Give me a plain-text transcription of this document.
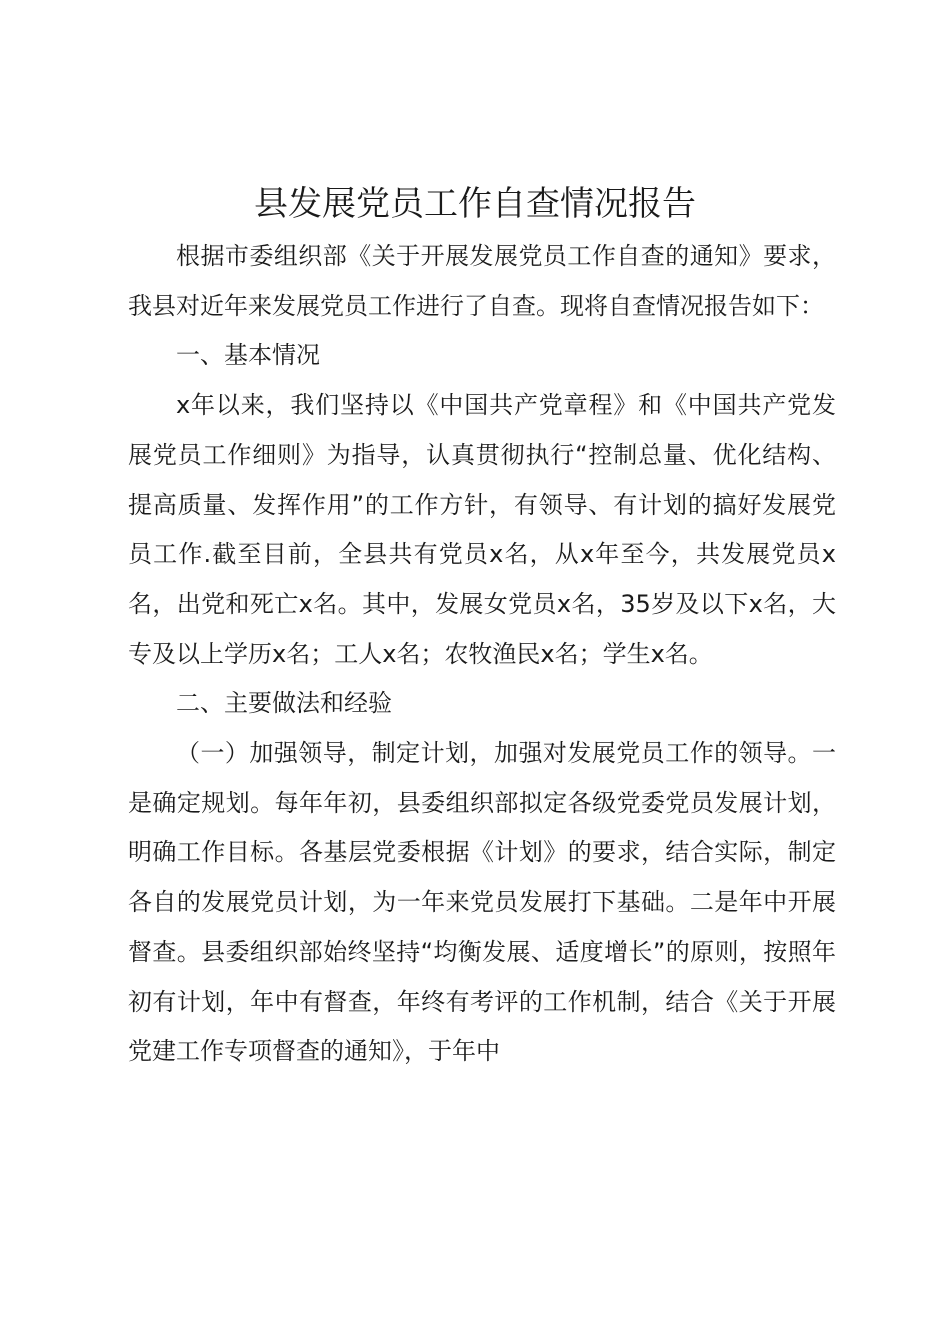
县发展党员工作自查情况报告

根据市委组织部《关于开展发展党员工作自查的通知》要求，我县对近年来发展党员工作进行了自查。现将自查情况报告如下：

一、基本情况

x年以来，我们坚持以《中国共产党章程》和《中国共产党发展党员工作细则》为指导，认真贯彻执行“控制总量、优化结构、提高质量、发挥作用”的工作方针，有领导、有计划的搞好发展党员工作.截至目前，全县共有党员x名，从x年至今，共发展党员x名，出党和死亡x名。其中，发展女党员x名，35岁及以下x名，大专及以上学历x名；工人x名；农牧渔民x名；学生x名。

二、主要做法和经验

（一）加强领导，制定计划，加强对发展党员工作的领导。一是确定规划。每年年初，县委组织部拟定各级党委党员发展计划，明确工作目标。各基层党委根据《计划》的要求，结合实际，制定各自的发展党员计划，为一年来党员发展打下基础。二是年中开展督查。县委组织部始终坚持“均衡发展、适度增长”的原则，按照年初有计划，年中有督查，年终有考评的工作机制，结合《关于开展党建工作专项督查的通知》，于年中
